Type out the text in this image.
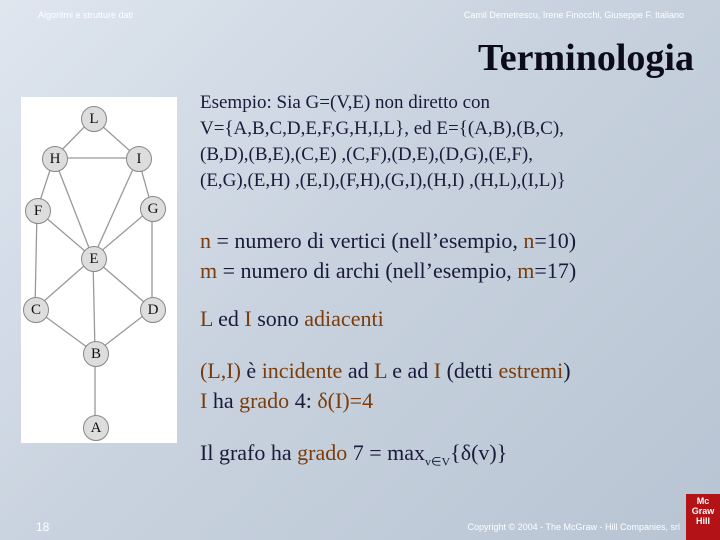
Algoritmi e strutture dati	Camil Demetrescu, Irene Finocchi, Giuseppe F. Italiano
Terminologia
L
H	I
F	G
E
C	D
B
A
Esempio: Sia G=(V,E) non diretto con
V={A,B,C,D,E,F,G,H,I,L}, ed E={(A,B),(B,C),
(B,D),(B,E),(C,E) ,(C,F),(D,E),(D,G),(E,F),
(E,G),(E,H) ,(E,I),(F,H),(G,I),(H,I) ,(H,L),(I,L)}
n = numero di vertici (nell’esempio, n=10)
m = numero di archi (nell’esempio, m=17)
L ed I sono adiacenti
(L,I) è incidente ad L e ad I (detti estremi)
I ha grado 4: δ(I)=4
Il grafo ha grado $7 = \max_{v\in V}\{\delta(v)\}$
18	Copyright © 2004 - The McGraw - Hill Companies, srl
Mc
Graw
Hill
